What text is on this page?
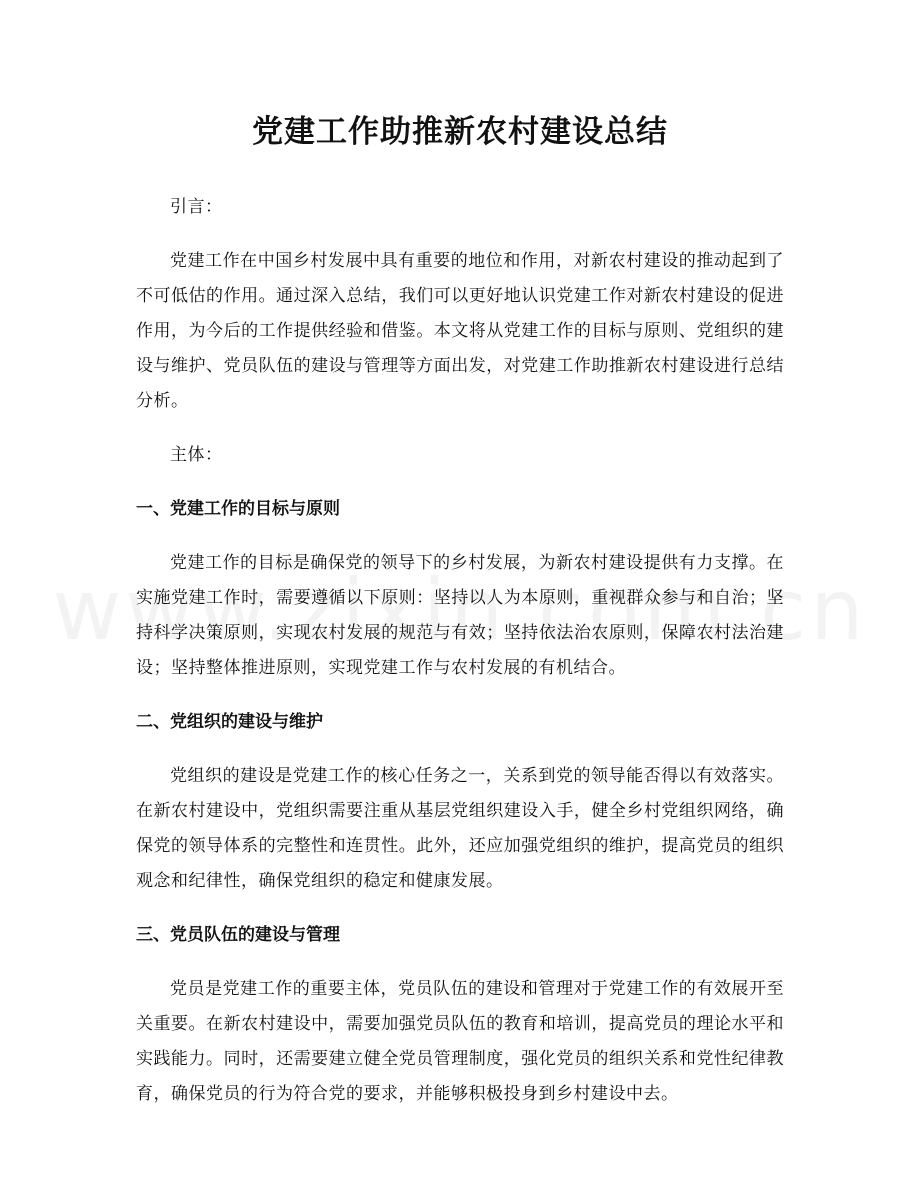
党建工作助推新农村建设总结

引言：

党建工作在中国乡村发展中具有重要的地位和作用，对新农村建设的推动起到了不可低估的作用。通过深入总结，我们可以更好地认识党建工作对新农村建设的促进作用，为今后的工作提供经验和借鉴。本文将从党建工作的目标与原则、党组织的建设与维护、党员队伍的建设与管理等方面出发，对党建工作助推新农村建设进行总结分析。

主体：

一、党建工作的目标与原则

党建工作的目标是确保党的领导下的乡村发展，为新农村建设提供有力支撑。在实施党建工作时，需要遵循以下原则：坚持以人为本原则，重视群众参与和自治；坚持科学决策原则，实现农村发展的规范与有效；坚持依法治农原则，保障农村法治建设；坚持整体推进原则，实现党建工作与农村发展的有机结合。

二、党组织的建设与维护

党组织的建设是党建工作的核心任务之一，关系到党的领导能否得以有效落实。在新农村建设中，党组织需要注重从基层党组织建设入手，健全乡村党组织网络，确保党的领导体系的完整性和连贯性。此外，还应加强党组织的维护，提高党员的组织观念和纪律性，确保党组织的稳定和健康发展。

三、党员队伍的建设与管理

党员是党建工作的重要主体，党员队伍的建设和管理对于党建工作的有效展开至关重要。在新农村建设中，需要加强党员队伍的教育和培训，提高党员的理论水平和实践能力。同时，还需要建立健全党员管理制度，强化党员的组织关系和党性纪律教育，确保党员的行为符合党的要求，并能够积极投身到乡村建设中去。
